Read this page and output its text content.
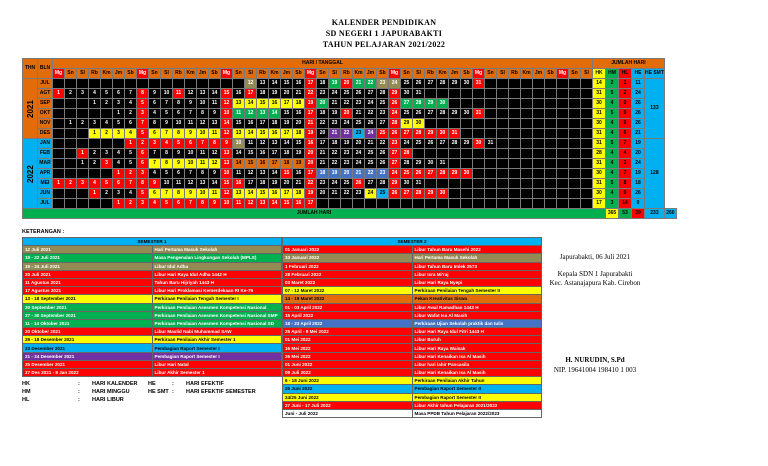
KALENDER PENDIDIKAN
SD NEGERI 1 JAPURABAKTI
TAHUN PELAJARAN 2021/2022
THN	BLN	HARI / TANGGAL																																													JUMLAH HARI					
		Mg	Sn	Sl	Rb	Km	Jm	Sb	Mg	Sn	Sl	Rb	Km	Jm	Sb	Mg	Sn	Sl	Rb	Km	Jm	Sb	Mg	Sn	Sl	Rb	Km	Jm	Sb	Mg	Sn	Sl	Rb	Km	Jm	Sb	Mg	Sn	Sl	Rb	Km	Jm	Sb	Mg	Sn	Sl	HK	HM	HL	HE	HE SMT	
2021	JUL																	12	13	14	15	16	17	18	19	20	21	22	23	24	25	26	27	28	29	30	31										14	2	1	11	133	
	AGT	1	2	3	4	5	6	7	8	9	10	11	12	13	14	15	16	17	18	19	20	21	22	23	24	25	26	27	28	29	30	31															31	5	2	24		
	SEP				1	2	3	4	5	6	7	8	9	10	11	12	13	14	15	16	17	18	19	20	21	22	23	24	25	26	27	28	29	30													30	4	0	26		
	OKT						1	2	3	4	5	6	7	8	9	10	11	12	13	14	15	16	17	18	19	20	21	22	23	24	25	26	27	28	29	30	31										31	5	0	26		
	NOV		1	2	3	4	5	6	7	8	9	10	11	12	13	14	15	16	17	18	19	20	21	22	23	24	25	26	27	28	29	30															30	4	0	26		
	DES				1	2	3	4	5	6	7	8	9	10	11	12	13	14	15	16	17	18	19	20	21	22	23	24	25	26	27	28	29	30	31												31	4	6	21		
2022	JAN							1	2	3	4	5	6	7	8	9	10	11	12	13	14	15	16	17	18	19	20	21	22	23	24	25	26	27	28	29	30	31									31	5	7	19	128	
	FEB			1	2	3	4	5	6	7	8	9	10	11	12	13	14	15	16	17	18	19	20	21	22	23	24	25	26	27	28																28	4	4	20		
	MAR			1	2	3	4	5	6	7	8	9	10	11	12	13	14	15	16	17	18	19	20	21	22	23	24	25	26	27	28	29	30	31													31	4	3	24		
	APR						1	2	3	4	5	6	7	8	9	10	11	12	13	14	15	16	17	18	19	20	21	22	23	24	25	26	27	28	29	30											30	4	7	19		
	MEI	1	2	3	4	5	6	7	8	9	10	11	12	13	14	15	16	17	18	19	20	21	22	23	24	25	26	27	28	29	30	31															31	5	8	18		
	JUN				1	2	3	4	5	6	7	8	9	10	11	12	13	14	15	16	17	18	19	20	21	22	23	24	25	26	27	28	29	30													30	4	0	26		
	JUL						1	2	3	4	5	6	7	8	9	10	11	12	13	14	15	16	17																								17	3	14	0		
JUMLAH HARI																																																365	53	39	233	260
KETERANGAN :
SEMESTER 1	
12 Juli 2021	Hari Pertama Masuk Sekolah
19 - 22 Juli 2021	Masa Pengenalan Lingkungan Sekolah (MPLS)
19 - 24 Juli 2021	Libur Idul Adha
20 Juli 2021	Libur Hari Raya Idul Adha 1442 H
11 Agustus 2021	Tahun Baru Hijriyah 1443 H
17 Agustus 2021	Libur Hari Proklamasi Kemerdekaan RI Ke-76
13 - 18 September 2021	Perkiraan Penilaian Tengah Semester I
20 September 2021	Perkiraan Penilaian Asesmen Kompetensi Nasional
27 - 30 September 2021	Perkiraan Penilaian Asesmen Kompetensi Nasional SMP
11 - 14 Oktober 2021	Perkiraan Penilaian Asesmen Kompetensi Nasional SD
20 Oktober 2021	Libur Maulid Nabi Muhammad SAW
29 - 18 Desember 2021	Perkiraan Penilaian Akhir Semester 1
23 Desember 2021	Pembagian Raport Semester I
21 - 24 Desember 2021	Pembagian Raport Semester I
25 Desember 2021	Libur Hari Natal
27 Des 2021 - 8 Jan 2022	Libur Akhir Semester 1
SEMESTER 2	
01 Januari 2022	Libur Tahun Baru Masehi 2022
10 Januari 2022	Hari Pertama Masuk Sekolah
1 Februari 2022	Libur Tahun Baru Imlek 2573
28 Februari 2022	Libur Isra Mi'raj
03 Maret 2022	Libur Hari Raya Nyepi
07 - 12 Maret 2022	Perkiraan Penilaian Tengah Semester II
14 - 19 Maret 2022	Pekan Kreativitas Siswa
01 - 03 April 2022	Libur Awal Ramadhan 1443 H
15 April 2022	Libur Wafat Isa Al Masih
18 - 23 April 2022	Perkiraan Ujian Sekolah praktik dan tulis
25 April - 9 Mei 2022	Libur Hari Raya Idul Fitri 1443 H
01 Mei 2022	Libur Buruh
16 Mei 2022	Libur Hari Raya Waisak
26 Mei 2022	Libur Hari Kenaikan Isa Al Masih
01 Juni 2022	Libur hari lahir Pancasila
09 Juli 2022	Libur Hari Kenaikan Isa Al Masih
6 - 18 Juni 2022	Perkiraan Penilaian Akhir Tahun
25 Juni 2022	Pembagian Raport Semester II
24/25 Juni 2022	Pembagian Raport Semester II
27 Juni - 17 Juli 2022	Libur Akhir tahun Pelajaran 2021/2022
Juni - Juli 2022	Masa PPDB Tahun Pelajaran 2022/2023
Japurabakti, 06 Juli 2021
Kepala SDN 1 Japurabakti
Kec. Astanajapura Kab. Cirebon
H. NURUDIN, S.Pd
NIP. 19641004 198410 1 003
HK	: HARI KALENDER HE	: HARI EFEKTIF
HM	: HARI MINGGU	HE SMT : HARI EFEKTIF SEMESTER
HL	: HARI LIBUR
